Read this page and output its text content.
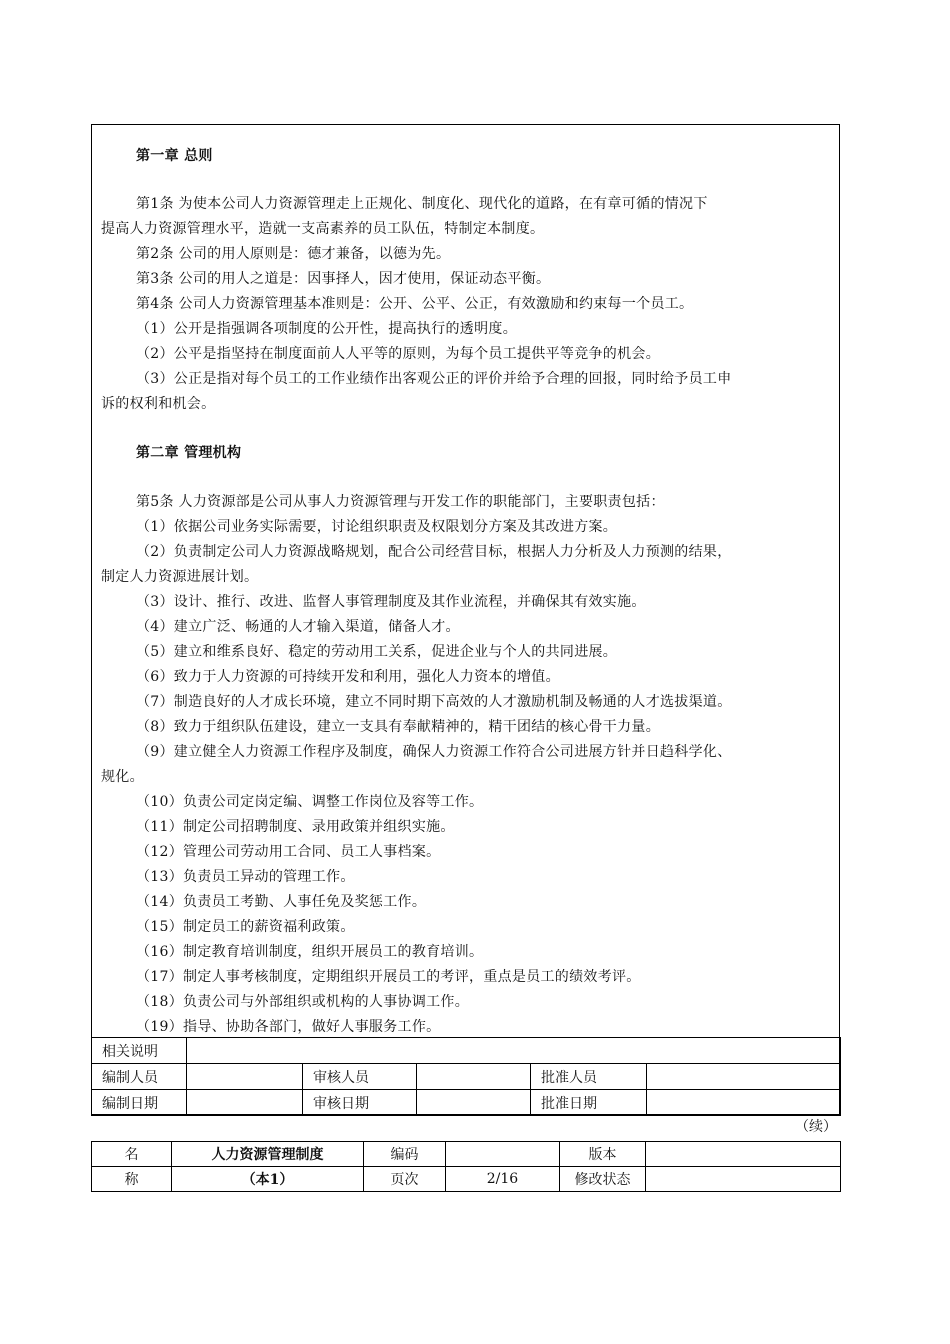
第一章 总则
第1条 为使本公司人力资源管理走上正规化、制度化、现代化的道路，在有章可循的情况下
提高人力资源管理水平，造就一支高素养的员工队伍，特制定本制度。
第2条 公司的用人原则是：德才兼备，以德为先。
第3条 公司的用人之道是：因事择人，因才使用，保证动态平衡。
第4条 公司人力资源管理基本准则是：公开、公平、公正，有效激励和约束每一个员工。
（1）公开是指强调各项制度的公开性，提高执行的透明度。
（2）公平是指坚持在制度面前人人平等的原则，为每个员工提供平等竞争的机会。
（3）公正是指对每个员工的工作业绩作出客观公正的评价并给予合理的回报，同时给予员工申
诉的权利和机会。
第二章 管理机构
第5条 人力资源部是公司从事人力资源管理与开发工作的职能部门，主要职责包括：
（1）依据公司业务实际需要，讨论组织职责及权限划分方案及其改进方案。
（2）负责制定公司人力资源战略规划，配合公司经营目标，根据人力分析及人力预测的结果，
制定人力资源进展计划。
（3）设计、推行、改进、监督人事管理制度及其作业流程，并确保其有效实施。
（4）建立广泛、畅通的人才输入渠道，储备人才。
（5）建立和维系良好、稳定的劳动用工关系，促进企业与个人的共同进展。
（6）致力于人力资源的可持续开发和利用，强化人力资本的增值。
（7）制造良好的人才成长环境，建立不同时期下高效的人才激励机制及畅通的人才选拔渠道。
（8）致力于组织队伍建设，建立一支具有奉献精神的，精干团结的核心骨干力量。
（9）建立健全人力资源工作程序及制度，确保人力资源工作符合公司进展方针并日趋科学化、
规化。
（10）负责公司定岗定编、调整工作岗位及容等工作。
（11）制定公司招聘制度、录用政策并组织实施。
（12）管理公司劳动用工合同、员工人事档案。
（13）负责员工异动的管理工作。
（14）负责员工考勤、人事任免及奖惩工作。
（15）制定员工的薪资福利政策。
（16）制定教育培训制度，组织开展员工的教育培训。
（17）制定人事考核制度，定期组织开展员工的考评，重点是员工的绩效考评。
（18）负责公司与外部组织或机构的人事协调工作。
（19）指导、协助各部门，做好人事服务工作。
相关说明					
编制人员		审核人员		批准人员	
编制日期		审核日期		批准日期	
（续）
名	人力资源管理制度	编码		版本	
称	（本1）	页次	2/16	修改状态	
